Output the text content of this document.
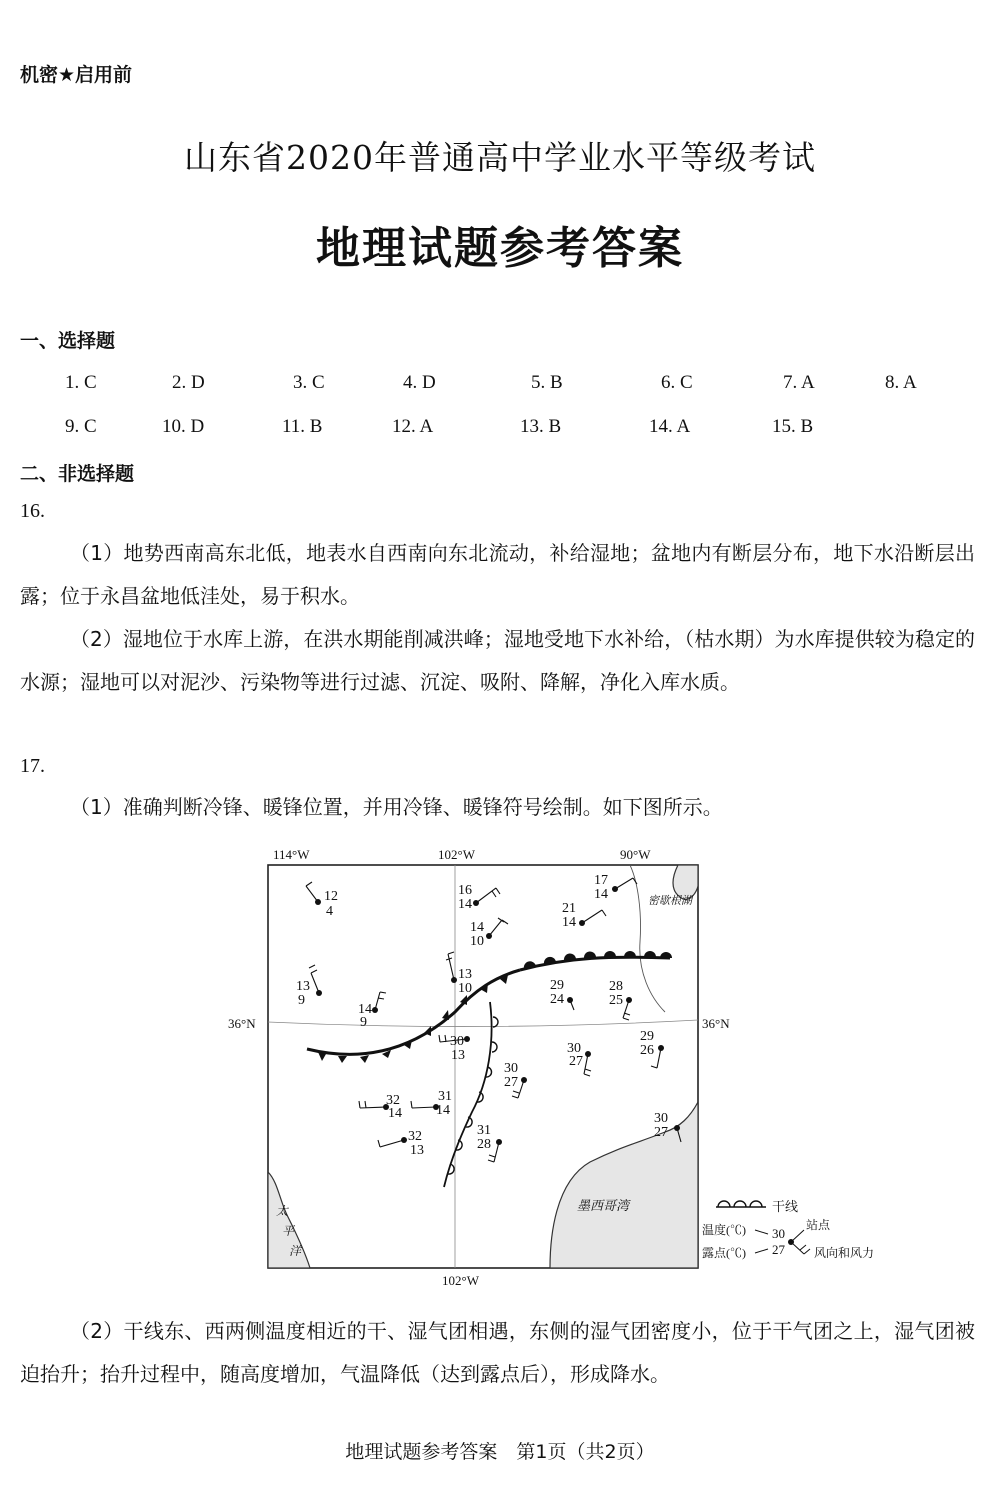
机密★启用前
山东省2020年普通高中学业水平等级考试
地理试题参考答案
一、选择题
1. C	2. D	3. C	4. D	5. B	6. C	7. A	8. A
9. C	10. D	11. B	12. A	13. B	14. A	15. B
二、非选择题
16.
（1）地势西南高东北低，地表水自西南向东北流动，补给湿地；盆地内有断层分布，地下水沿断层出露；位于永昌盆地低洼处，易于积水。
（2）湿地位于水库上游，在洪水期能削减洪峰；湿地受地下水补给，（枯水期）为水库提供较为稳定的水源；湿地可以对泥沙、污染物等进行过滤、沉淀、吸附、降解，净化入库水质。
17.
（1）准确判断冷锋、暖锋位置，并用冷锋、暖锋符号绘制。如下图所示。
12
4
16
14
17
14
21
14
14
10
13
9
14
9
13
10	29
24
28
25
30
13
29
26
30
27
30
27
32
14
31
14
32
13
31
28
30
27
114°W	102°W	90°W
102°W
36°N	36°N
密歇根湖
墨西哥湾
太
平
洋
干线
温度(℃) 30
露点(℃) 27
站点
风向和风力
（2）干线东、西两侧温度相近的干、湿气团相遇，东侧的湿气团密度小，位于干气团之上，湿气团被迫抬升；抬升过程中，随高度增加，气温降低（达到露点后），形成降水。
地理试题参考答案　第1页（共2页）
